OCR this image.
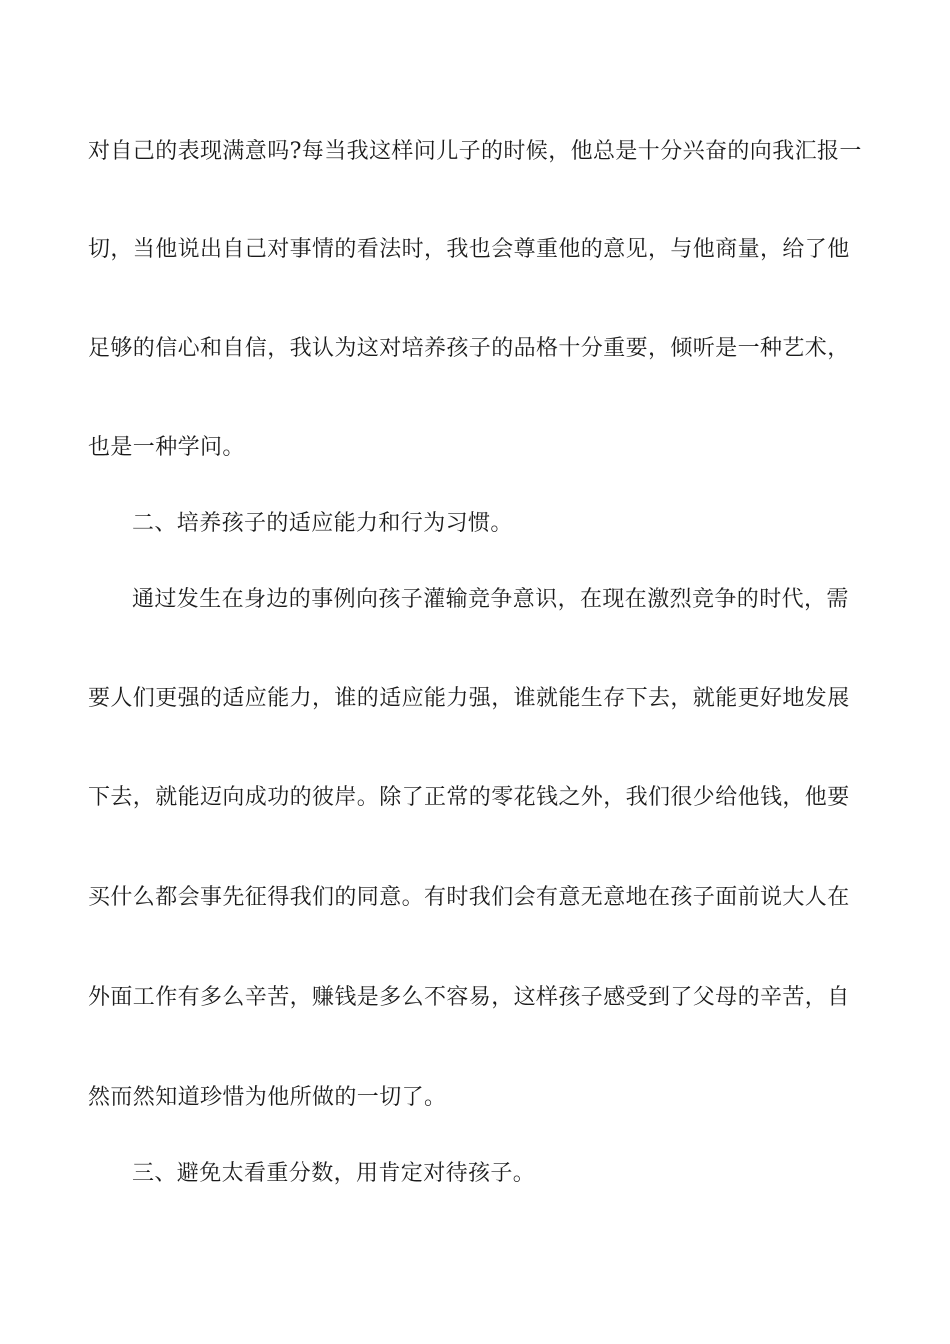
对自己的表现满意吗?每当我这样问儿子的时候，他总是十分兴奋的向我汇报一
切，当他说出自己对事情的看法时，我也会尊重他的意见，与他商量，给了他
足够的信心和自信，我认为这对培养孩子的品格十分重要，倾听是一种艺术，
也是一种学问。
二、培养孩子的适应能力和行为习惯。
通过发生在身边的事例向孩子灌输竞争意识，在现在激烈竞争的时代，需
要人们更强的适应能力，谁的适应能力强，谁就能生存下去，就能更好地发展
下去，就能迈向成功的彼岸。除了正常的零花钱之外，我们很少给他钱，他要
买什么都会事先征得我们的同意。有时我们会有意无意地在孩子面前说大人在
外面工作有多么辛苦，赚钱是多么不容易，这样孩子感受到了父母的辛苦，自
然而然知道珍惜为他所做的一切了。
三、避免太看重分数，用肯定对待孩子。
